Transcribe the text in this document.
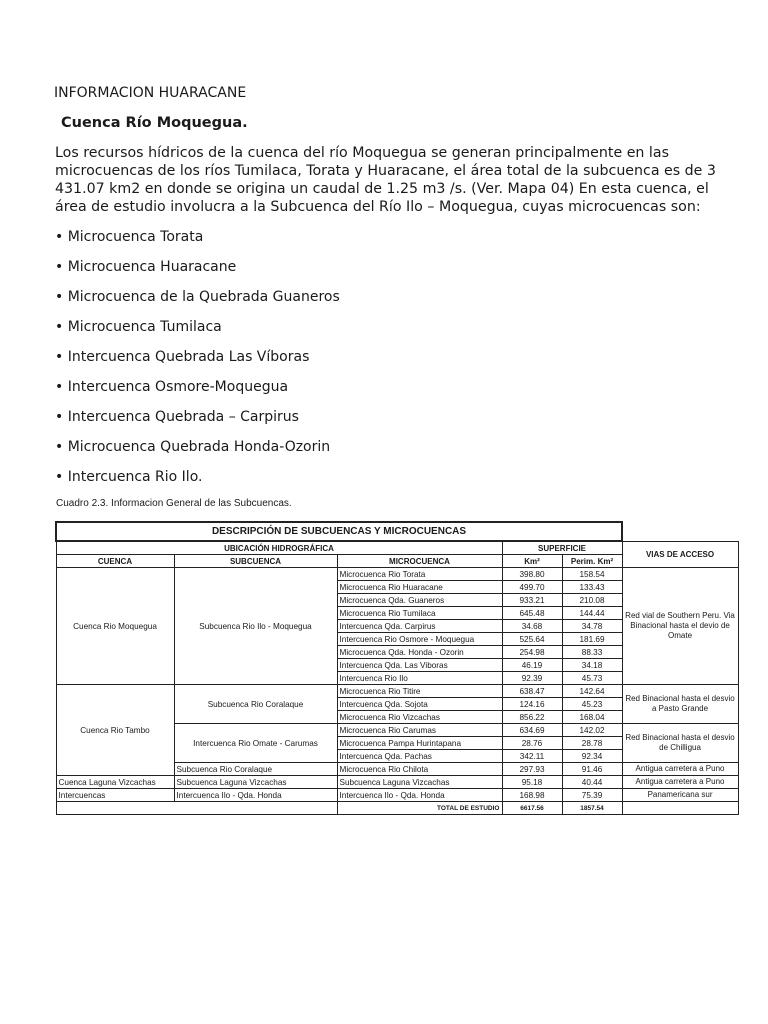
INFORMACION HUARACANE
Cuenca Río Moquegua.

Los recursos hídricos de la cuenca del río Moquegua se generan principalmente en las microcuencas de los ríos Tumilaca, Torata y Huaracane, el área total de la subcuenca es de 3 431.07 km2 en donde se origina un caudal de 1.25 m3 /s. (Ver. Mapa 04) En esta cuenca, el área de estudio involucra a la Subcuenca del Río Ilo – Moquegua, cuyas microcuencas son:

• Microcuenca Torata
• Microcuenca Huaracane
• Microcuenca de la Quebrada Guaneros
• Microcuenca Tumilaca
• Intercuenca Quebrada Las Víboras
• Intercuenca Osmore-Moquegua
• Intercuenca Quebrada – Carpirus
• Microcuenca Quebrada Honda-Ozorin
• Intercuenca Rio Ilo.
Cuadro 2.3. Informacion General de las Subcuencas.
DESCRIPCIÓN DE SUBCUENCAS Y MICROCUENCAS					
UBICACIÓN HIDROGRÁFICA			SUPERFICIE		VIAS DE ACCESO
CUENCA	SUBCUENCA	MICROCUENCA	Km²	Perim. Km²	
Cuenca Rio Moquegua	Subcuenca Rio Ilo - Moquegua	Microcuenca Rio Torata	398.80	158.54	Red vial de Southern Peru. Via Binacional hasta el devio de Omate
		Microcuenca Rio Huaracane	499.70	133.43	
		Microcuenca Qda. Guaneros	933.21	210.08	
		Microcuenca Rio Tumilaca	645.48	144.44	
		Intercuenca Qda. Carpirus	34.68	34.78	
		Intercuenca Rio Osmore - Moquegua	525.64	181.69	
		Microcuenca Qda. Honda - Ozorin	254.98	88.33	
		Intercuenca Qda. Las Viboras	46.19	34.18	
		Intercuenca Rio Ilo	92.39	45.73	
Cuenca Rio Tambo	Subcuenca Rio Coralaque	Microcuenca Rio Titire	638.47	142.64	Red Binacional hasta el desvio a Pasto Grande
		Intercuenca Qda. Sojota	124.16	45.23	
		Microcuenca Rio Vizcachas	856.22	168.04	
	Intercuenca Rio Omate - Carumas	Microcuenca Rio Carumas	634.69	142.02	Red Binacional hasta el desvio de Chilligua
		Microcuenca Pampa Hurintapana	28.76	28.78	
		Intercuenca Qda. Pachas	342.11	92.34	
	Subcuenca Rio Coralaque	Microcuenca Rio Chilota	297.93	91.46	Antigua carretera a Puno
Cuenca Laguna Vizcachas	Subcuenca Laguna Vizcachas	Subcuenca Laguna Vizcachas	95.18	40.44	Antigua carretera a Puno
Intercuencas	Intercuenca Ilo - Qda. Honda	Intercuenca Ilo - Qda. Honda	168.98	75.39	Panamericana sur
		TOTAL DE ESTUDIO	6617.56	1857.54	
